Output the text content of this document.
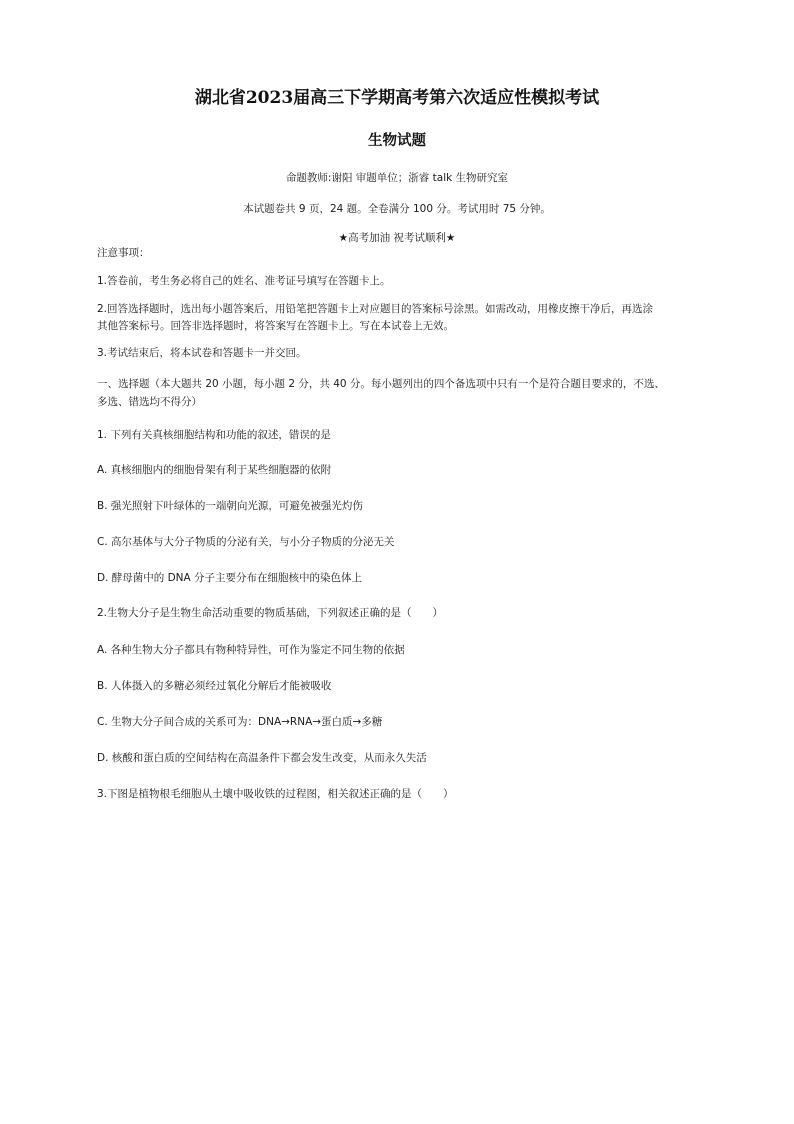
湖北省2023届高三下学期高考第六次适应性模拟考试
生物试题
命题教师:谢阳 审题单位；浙睿 talk 生物研究室
本试题卷共 9 页，24 题。全卷满分 100 分。考试用时 75 分钟。
★高考加油 祝考试顺利★
注意事项：
1.答卷前，考生务必将自己的姓名、准考证号填写在答题卡上。
2.回答选择题时，选出每小题答案后，用铅笔把答题卡上对应题目的答案标号涂黑。如需改动，用橡皮擦干净后，再选涂
其他答案标号。回答非选择题时，将答案写在答题卡上。写在本试卷上无效。
3.考试结束后，将本试卷和答题卡一并交回。
一、选择题（本大题共 20 小题，每小题 2 分，共 40 分。每小题列出的四个备选项中只有一个是符合题目要求的，不选、
多选、错选均不得分）
1. 下列有关真核细胞结构和功能的叙述，错误的是
A. 真核细胞内的细胞骨架有利于某些细胞器的依附
B. 强光照射下叶绿体的一端朝向光源，可避免被强光灼伤
C. 高尔基体与大分子物质的分泌有关，与小分子物质的分泌无关
D. 酵母菌中的 DNA 分子主要分布在细胞核中的染色体上
2.生物大分子是生物生命活动重要的物质基础，下列叙述正确的是（　　）
A. 各种生物大分子都具有物种特异性，可作为鉴定不同生物的依据
B. 人体摄入的多糖必须经过氧化分解后才能被吸收
C. 生物大分子间合成的关系可为：DNA→RNA→蛋白质→多糖
D. 核酸和蛋白质的空间结构在高温条件下都会发生改变，从而永久失活
3.下图是植物根毛细胞从土壤中吸收铁的过程图，相关叙述正确的是（　　）
